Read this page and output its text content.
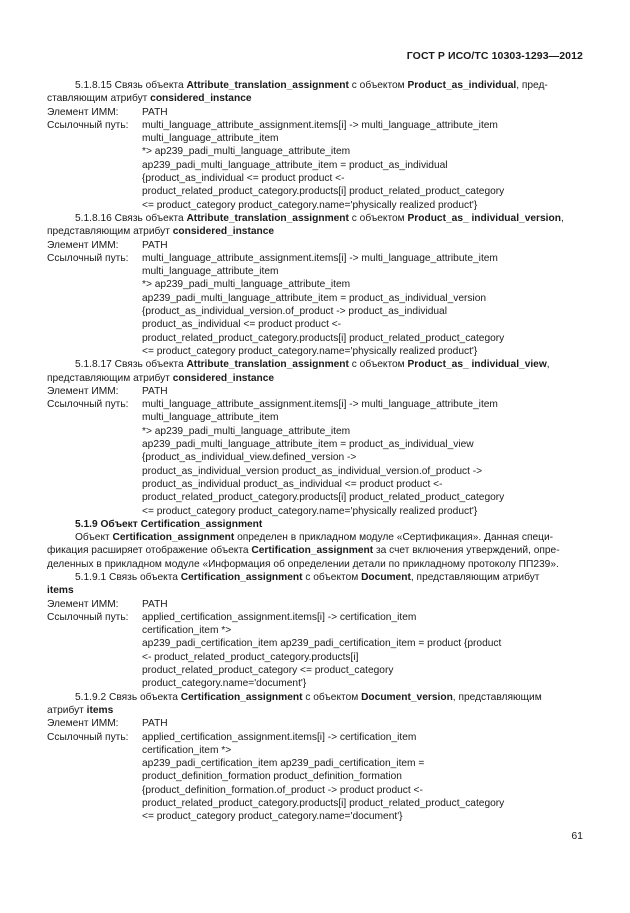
ГОСТ Р ИСО/ТС 10303-1293—2012
5.1.8.15 Связь объекта Attribute_translation_assignment с объектом Product_as_individual, пред-
ставляющим атрибут considered_instance
Элемент ИММ:	PATH
Ссылочный путь:	multi_language_attribute_assignment.items[i] -> multi_language_attribute_item
multi_language_attribute_item
*> ap239_padi_multi_language_attribute_item
ap239_padi_multi_language_attribute_item = product_as_individual
{product_as_individual <= product product <-
product_related_product_category.products[i] product_related_product_category
<= product_category product_category.name='physically realized product'}
5.1.8.16 Связь объекта Attribute_translation_assignment с объектом Product_as_ individual_version,
представляющим атрибут considered_instance
Элемент ИММ:	PATH
Ссылочный путь:	multi_language_attribute_assignment.items[i] -> multi_language_attribute_item
multi_language_attribute_item
*> ap239_padi_multi_language_attribute_item
ap239_padi_multi_language_attribute_item = product_as_individual_version
{product_as_individual_version.of_product -> product_as_individual
product_as_individual <= product product <-
product_related_product_category.products[i] product_related_product_category
<= product_category product_category.name='physically realized product'}
5.1.8.17 Связь объекта Attribute_translation_assignment с объектом Product_as_ individual_view,
представляющим атрибут considered_instance
Элемент ИММ:	PATH
Ссылочный путь:	multi_language_attribute_assignment.items[i] -> multi_language_attribute_item
multi_language_attribute_item
*> ap239_padi_multi_language_attribute_item
ap239_padi_multi_language_attribute_item = product_as_individual_view
{product_as_individual_view.defined_version ->
product_as_individual_version product_as_individual_version.of_product ->
product_as_individual product_as_individual <= product product <-
product_related_product_category.products[i] product_related_product_category
<= product_category product_category.name='physically realized product'}
5.1.9 Объект Certification_assignment
Объект Certification_assignment определен в прикладном модуле «Сертификация». Данная специ-
фикация расширяет отображение объекта Certification_assignment за счет включения утверждений, опре-
деленных в прикладном модуле «Информация об определении детали по прикладному протоколу ПП239».
5.1.9.1 Связь объекта Certification_assignment с объектом Document, представляющим атрибут
items
Элемент ИММ:	PATH
Ссылочный путь:	applied_certification_assignment.items[i] -> certification_item
certification_item *>
ap239_padi_certification_item ap239_padi_certification_item = product {product
<- product_related_product_category.products[i]
product_related_product_category <= product_category
product_category.name='document'}
5.1.9.2 Связь объекта Certification_assignment с объектом Document_version, представляющим
атрибут items
Элемент ИММ:	PATH
Ссылочный путь:	applied_certification_assignment.items[i] -> certification_item
certification_item *>
ap239_padi_certification_item ap239_padi_certification_item =
product_definition_formation product_definition_formation
{product_definition_formation.of_product -> product product <-
product_related_product_category.products[i] product_related_product_category
<= product_category product_category.name='document'}
61
